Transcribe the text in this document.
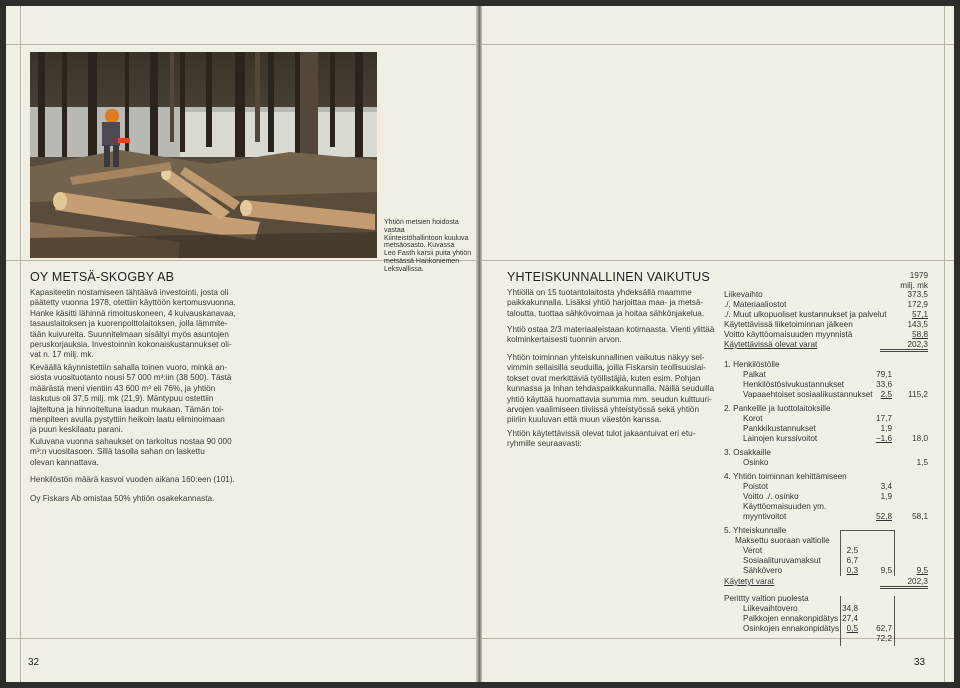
Yhtiön metsien hoidosta vastaa
Kiinteistöhallintoon kuuluva
metsäosasto. Kuvassa
Leo Fasth karsii puita yhtiön
metsässä Hankoniemen
Leksvallissa.
OY METSÄ-SKOGBY AB
Kapasiteetin nostamiseen tähtäävä investointi, josta oli
päätetty vuonna 1978, otettiin käyttöön kertomusvuonna.
Hanke käsitti lähinnä rimoituskoneen, 4 kuivauskanavaa,
tasauslaitoksen ja kuorenpolttolaitoksen, jolla lämmite-
tään kuivureita. Suunnitelmaan sisältyi myös asuntojen
peruskorjauksia. Investoinnin kokonaiskustannukset oli-
vat n. 17 milj. mk.
Keväällä käynnistettiin sahalla toinen vuoro, minkä an-
siosta vuosituotanto nousi 57 000 m³:iin (38 500). Tästä
määrästä meni vientiin 43 600 m³ eli 76%, ja yhtiön
laskutus oli 37,5 milj. mk (21,9). Mäntypuu ostettiin
lajiteltuna ja hinnoiteltuna laadun mukaan. Tämän toi-
menpiteen avulla pystyttiin heikoin laatu eliminoimaan
ja puun keskilaatu parani.
Kuluvana vuonna sahaukset on tarkoitus nostaa 90 000
m³:n vuositasoon. Sillä tasolla sahan on laskettu
olevan kannattava.
Henkilöstön määrä kasvoi vuoden aikana 160:een (101).
Oy Fiskars Ab omistaa 50% yhtiön osakekannasta.
32
YHTEISKUNNALLINEN VAIKUTUS
Yhtiöllä on 15 tuotantolaitosta yhdeksällä maamme
paikkakunnalla. Lisäksi yhtiö harjoittaa maa- ja metsä-
taloutta, tuottaa sähkövoimaa ja hoitaa sähkönjakelua.
Yhtiö ostaa 2/3 materiaaleistaan kotimaasta. Vienti ylittää
kolminkertaisesti tuonnin arvon.
Yhtiön toiminnan yhteiskunnallinen vaikutus näkyy sel-
vimmin sellaisilla seuduilla, joilla Fiskarsin teollisuuslai-
tokset ovat merkittäviä työllistäjiä, kuten esim. Pohjan
kunnassa ja Inhan tehdaspaikkakunnalla. Näillä seuduilla
yhtiö käyttää huomattavia summia mm. seudun kulttuuri-
arvojen vaalimiseen tiiviissä yhteistyössä sekä yhtiön
piiriin kuuluvan että muun väestön kanssa.
Yhtiön käytettävissä olevat tulot jakaantuivat eri etu-
ryhmille seuraavasti:
1979
milj. mk
Liikevaihto	373,5
./. Materiaaliostot	172,9
./. Muut ulkopuoliset kustannukset ja palvelut	57,1
Käytettävissä liiketoiminnan jälkeen	143,5
Voitto käyttöomaisuuden myynnistä	58,8
Käytettävissä olevat varat	202,3
1. Henkilöstölle
Palkat	79,1
Henkilöstösivukustannukset	33,6
Vapaaehtoiset sosiaalikustannukset 2,5	115,2
2. Pankeille ja luottolaitoksille
Korot	17,7
Pankkikustannukset	1,9
Lainojen kurssivoitot	−1,6	18,0
3. Osakkaille
Osinko	1,5
4. Yhtiön toiminnan kehittämiseen
Poistot	3,4
Voitto ./. osinko	1,9
Käyttöomaisuuden ym.
myyntivoitot	52,8	58,1
5. Yhteiskunnalle
Maksettu suoraan valtiolle
Verot	2,5
Sosiaalituruvamaksut	6,7
Sähkövero	0,3	9,5	9,5
Käytetyt varat	202,3
Perittty valtion puolesta
Liikevaihtovero	34,8
Palkkojen ennakonpidätys 27,4
Osinkojen ennakonpidätys 0,5	62,7
72,2
33
